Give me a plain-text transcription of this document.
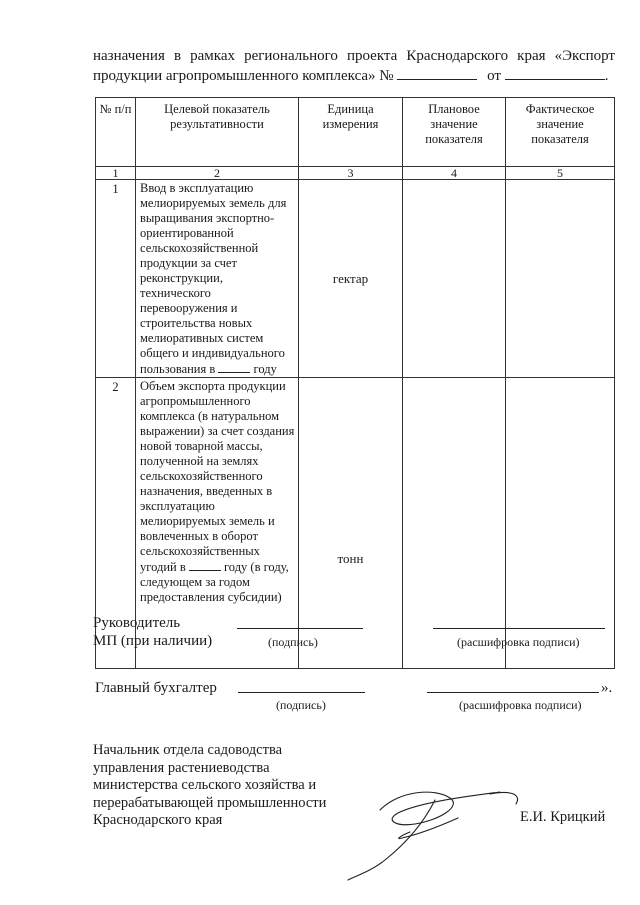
назначения в рамках регионального проекта Краснодарского края «Экспорт

продукции агропромышленного комплекса» №	от	.

№ п/п	Целевой показатель результативности	Единица измерения	Плановое значение показателя	Фактическое значение показателя
1	2	3	4	5
1	Ввод в эксплуатацию мелиорируемых земель для выращивания экспортно-ориентированной сельскохозяйственной продукции за счет реконструкции, технического перевооружения и строительства новых мелиоративных систем общего и индивидуального пользования в году	гектар		
2	Объем экспорта продукции агропромышленного комплекса (в натуральном выражении) за счет создания новой товарной массы, полученной на землях сельскохозяйственного назначения, введенных в эксплуатацию мелиорируемых земель и вовлеченных в оборот сельскохозяйственных угодий в году (в году, следующем за годом предоставления субсидии)	тонн		
Руководитель
МП (при наличии)	(подпись)	(расшифровка подписи)
Главный бухгалтер	».
(подпись)	(расшифровка подписи)
Начальник отдела садоводства
управления растениеводства
министерства сельского хозяйства и
перерабатывающей промышленности
Краснодарского края	Е.И. Крицкий
